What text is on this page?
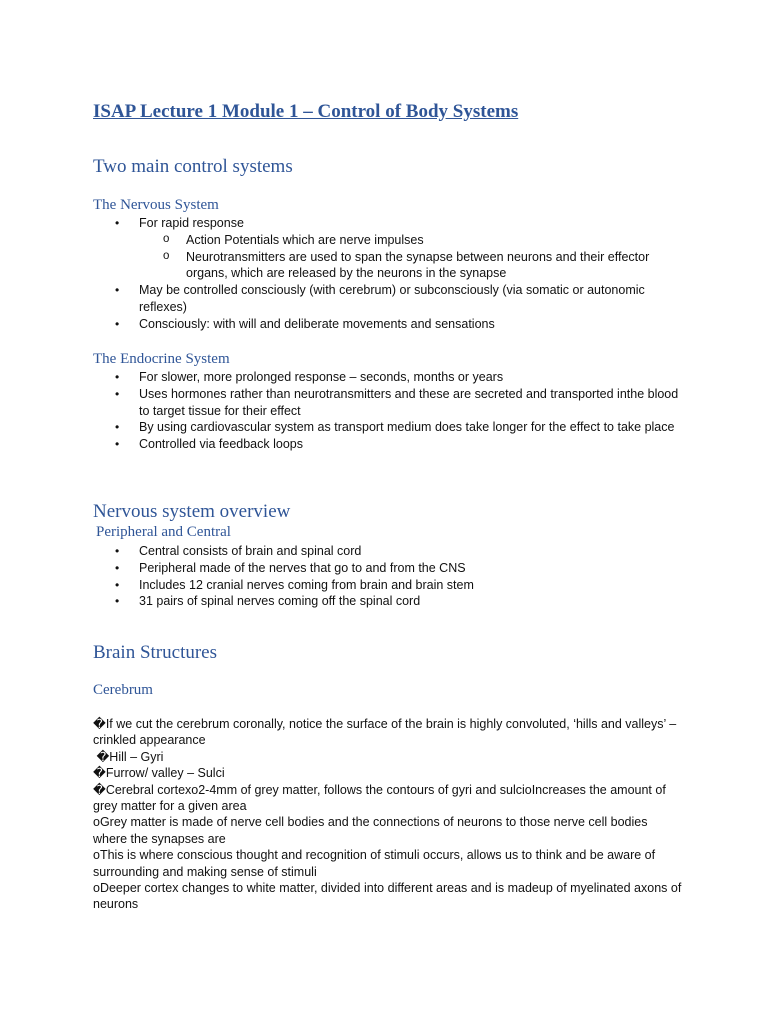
ISAP Lecture 1 Module 1 – Control of Body Systems
Two main control systems
The Nervous System
• For rapid response
o Action Potentials which are nerve impulses
o Neurotransmitters are used to span the synapse between neurons and their effector organs, which are released by the neurons in the synapse
• May be controlled consciously (with cerebrum) or subconsciously (via somatic or autonomic reflexes)
• Consciously: with will and deliberate movements and sensations
The Endocrine System
• For slower, more prolonged response – seconds, months or years
• Uses hormones rather than neurotransmitters and these are secreted and transported inthe blood to target tissue for their effect
• By using cardiovascular system as transport medium does take longer for the effect to take place
• Controlled via feedback loops
Nervous system overview
Peripheral and Central
• Central consists of brain and spinal cord
• Peripheral made of the nerves that go to and from the CNS
• Includes 12 cranial nerves coming from brain and brain stem
• 31 pairs of spinal nerves coming off the spinal cord
Brain Structures
Cerebrum
�If we cut the cerebrum coronally, notice the surface of the brain is highly convoluted, ‘hills and valleys’ – crinkled appearance
�Hill – Gyri
�Furrow/ valley – Sulci
�Cerebral cortexo2-4mm of grey matter, follows the contours of gyri and sulcioIncreases the amount of grey matter for a given area
oGrey matter is made of nerve cell bodies and the connections of neurons to those nerve cell bodies where the synapses are
oThis is where conscious thought and recognition of stimuli occurs, allows us to think and be aware of surrounding and making sense of stimuli
oDeeper cortex changes to white matter, divided into different areas and is madeup of myelinated axons of neurons
